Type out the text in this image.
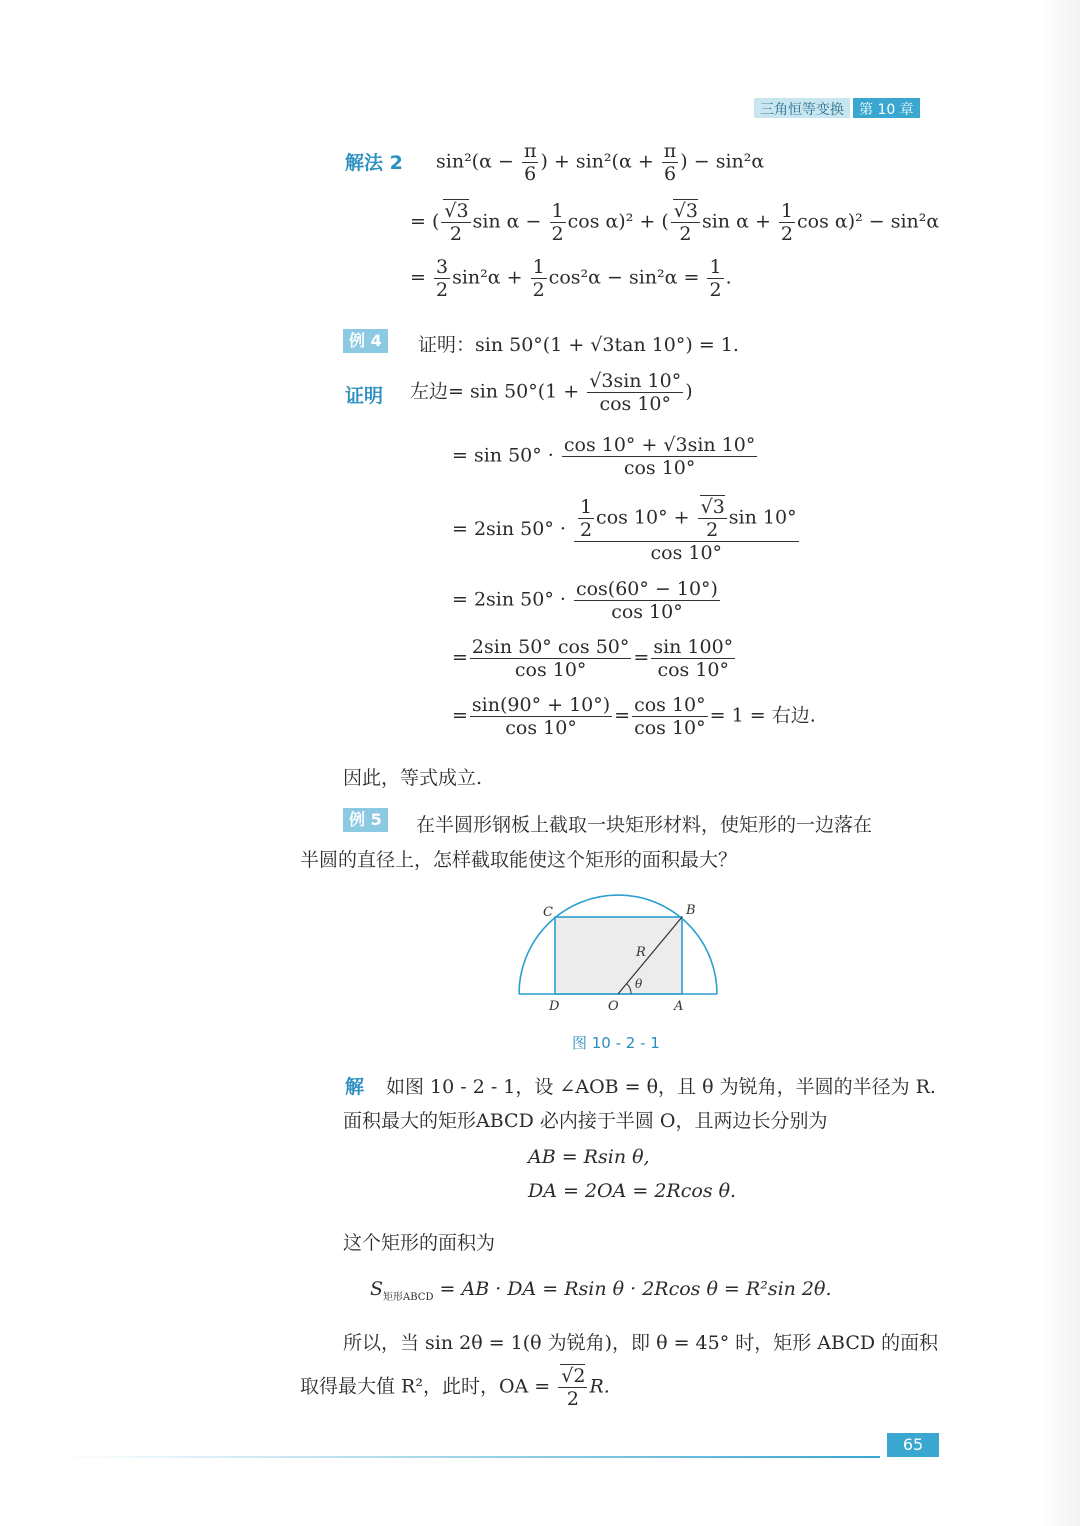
三角恒等变换	第 10 章
解法 2 $\sin^2(\alpha - \frac{\pi}{6}$ ) + $\sin^2(\alpha + \frac{\pi}{6}$ ) − sin²α
= ( $\frac{√3}{2}$ $\sin \alpha - \frac{1}{2}$ cos α)² + ( $\frac{√3}{2}$ $\sin \alpha + \frac{1}{2}$ cos α)² − sin²α
= $\frac{3}{2} \sin^2\alpha + \frac{1}{2} \cos^2\alpha - \sin^2\alpha = \frac{1}{2}$ .
例 4	证明：sin 50°(1 + √3tan 10°) = 1.
证明 左边= $\sin 50^\circ(1 + \frac{√3\sin 10^\circ}{\cos 10^\circ}$ )
= $\sin 50^\circ \cdot \frac{\cos 10^\circ + √3\sin 10^\circ}{\cos 10^\circ}$
= 2sin $50^\circ \cdot \frac{\frac{1}{2} \cos 10^\circ + \frac{√3}{2} \sin 10^\circ}{\cos 10^\circ}$
= 2sin $50^\circ \cdot \frac{\cos(60^\circ - 10^\circ)}{\cos 10^\circ}$
= $\frac{2\sin 50^\circ \cos 50^\circ}{\cos 10^\circ} = \frac{\sin 100^\circ}{\cos 10^\circ}$
= $\frac{\sin(90^\circ + 10^\circ)}{\cos 10^\circ} = \frac{\cos 10^\circ}{\cos 10^\circ} = 1$ = 右边.
因此，等式成立.
例 5	在半圆形钢板上截取一块矩形材料，使矩形的一边落在
半圆的直径上，怎样截取能使这个矩形的面积最大？
C	B
R
θ
D	O	A
图 10 - 2 - 1
解 如图 10 - 2 - 1，设 ∠AOB = θ，且 θ 为锐角，半圆的半径为 R.
面积最大的矩形ABCD 必内接于半圆 O，且两边长分别为
AB = Rsin θ,
DA = 2OA = 2Rcos θ.
这个矩形的面积为
$S_{矩形ABCD}$ = AB · DA = Rsin θ · 2Rcos θ = R²sin 2θ.
所以，当 sin 2θ = 1(θ 为锐角)，即 θ = 45° 时，矩形 ABCD 的面积
取得最大值 R²，此时，OA = $\frac{√2}{2} R$.
65
